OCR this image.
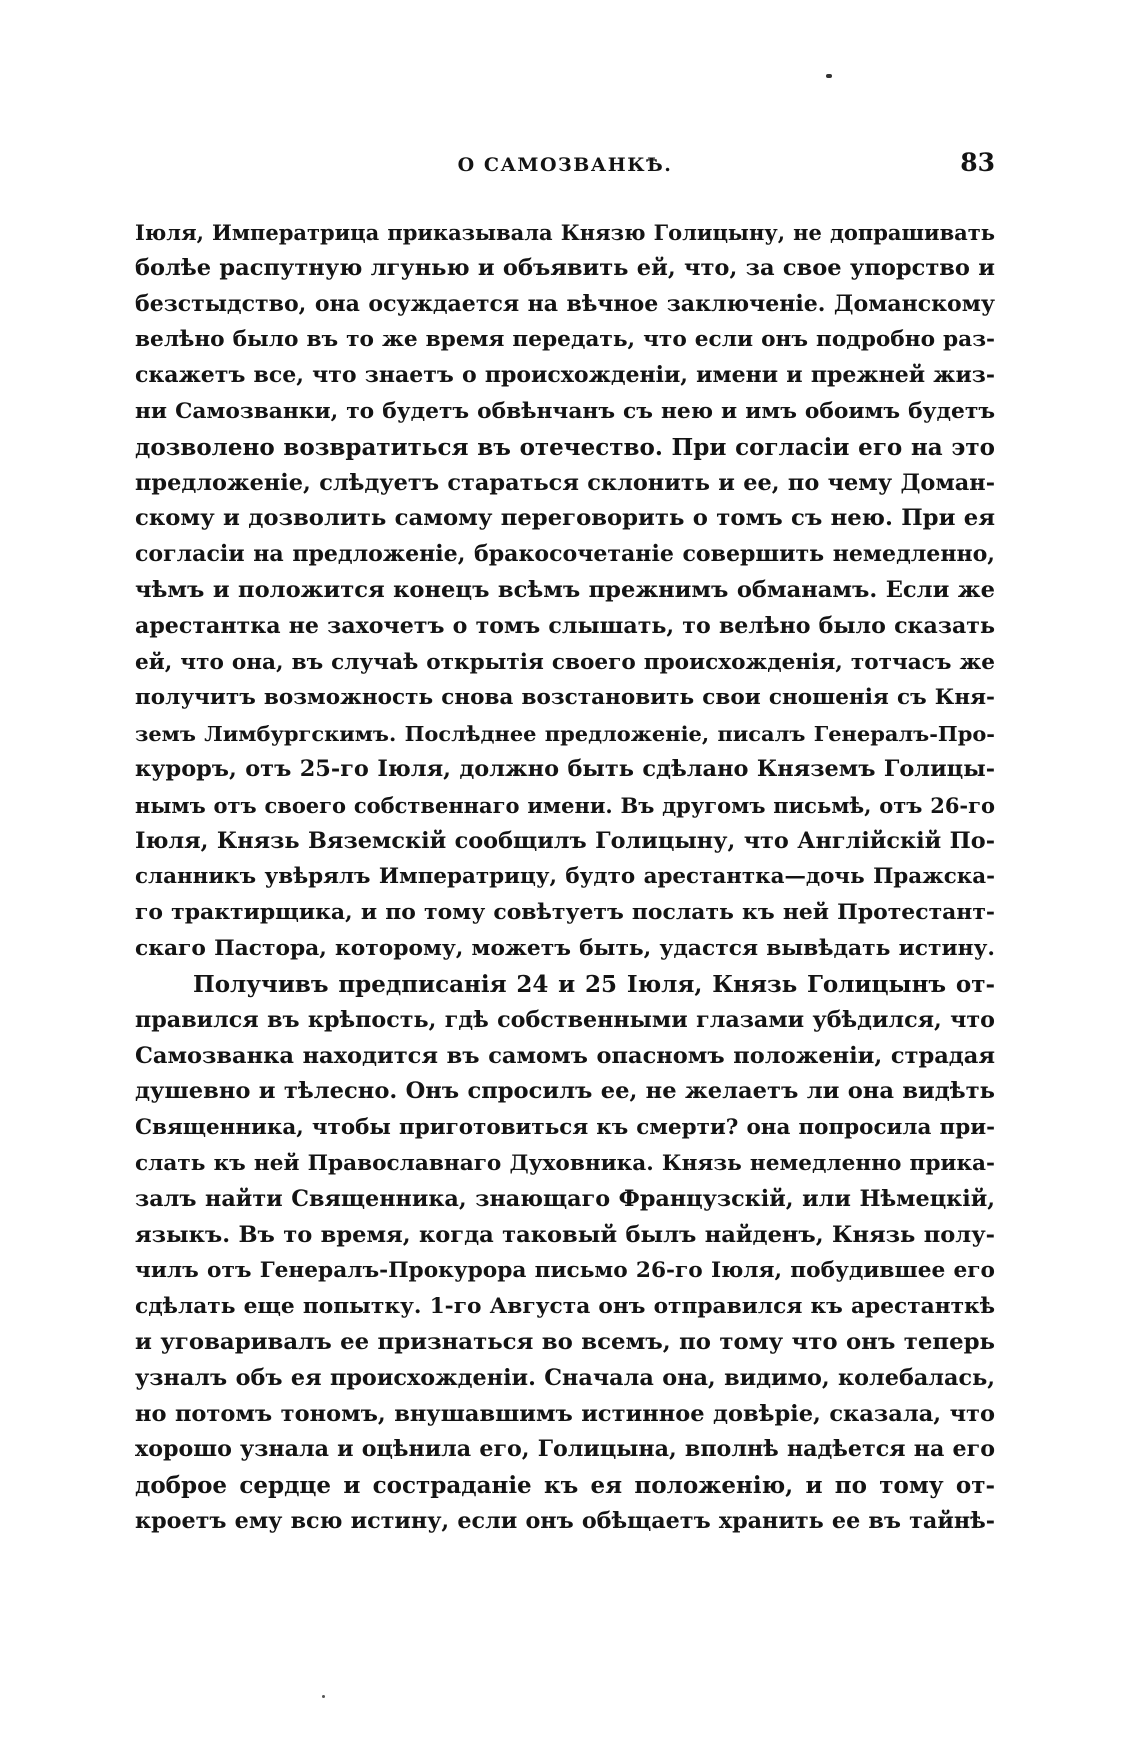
О САМОЗВАНКѢ.	83
Іюля, Императрица приказывала Князю Голицыну, не допрашивать
болѣе распутную лгунью и объявить ей, что, за свое упорство и
безстыдство, она осуждается на вѣчное заключеніе. Доманскому
велѣно было въ то же время передать, что если онъ подробно раз-
скажетъ все, что знаетъ о происхожденіи, имени и прежней жиз-
ни Самозванки, то будетъ обвѣнчанъ съ нею и имъ обоимъ будетъ
дозволено возвратиться въ отечество. При согласіи его на это
предложеніе, слѣдуетъ стараться склонить и ее, по чему Доман-
скому и дозволить самому переговорить о томъ съ нею. При ея
согласіи на предложеніе, бракосочетаніе совершить немедленно,
чѣмъ и положится конецъ всѣмъ прежнимъ обманамъ. Если же
арестантка не захочетъ о томъ слышать, то велѣно было сказать
ей, что она, въ случаѣ открытія своего происхожденія, тотчасъ же
получитъ возможность снова возстановить свои сношенія съ Кня-
земъ Лимбургскимъ. Послѣднее предложеніе, писалъ Генералъ-Про-
куроръ, отъ 25-го Іюля, должно быть сдѣлано Княземъ Голицы-
нымъ отъ своего собственнаго имени. Въ другомъ письмѣ, отъ 26-го
Іюля, Князь Вяземскій сообщилъ Голицыну, что Англійскій По-
сланникъ увѣрялъ Императрицу, будто арестантка—дочь Пражска-
го трактирщика, и по тому совѣтуетъ послать къ ней Протестант-
скаго Пастора, которому, можетъ быть, удастся вывѣдать истину.
Получивъ предписанія 24 и 25 Іюля, Князь Голицынъ от-
правился въ крѣпость, гдѣ собственными глазами убѣдился, что
Самозванка находится въ самомъ опасномъ положеніи, страдая
душевно и тѣлесно. Онъ спросилъ ее, не желаетъ ли она видѣть
Священника, чтобы приготовиться къ смерти? она попросила при-
слать къ ней Православнаго Духовника. Князь немедленно прика-
залъ найти Священника, знающаго Французскій, или Нѣмецкій,
языкъ. Въ то время, когда таковый былъ найденъ, Князь полу-
чилъ отъ Генералъ-Прокурора письмо 26-го Іюля, побудившее его
сдѣлать еще попытку. 1-го Августа онъ отправился къ арестанткѣ
и уговаривалъ ее признаться во всемъ, по тому что онъ теперь
узналъ объ ея происхожденіи. Сначала она, видимо, колебалась,
но потомъ тономъ, внушавшимъ истинное довѣріе, сказала, что
хорошо узнала и оцѣнила его, Голицына, вполнѣ надѣется на его
доброе сердце и состраданіе къ ея положенію, и по тому от-
кроетъ ему всю истину, если онъ обѣщаетъ хранить ее въ тайнѣ-
